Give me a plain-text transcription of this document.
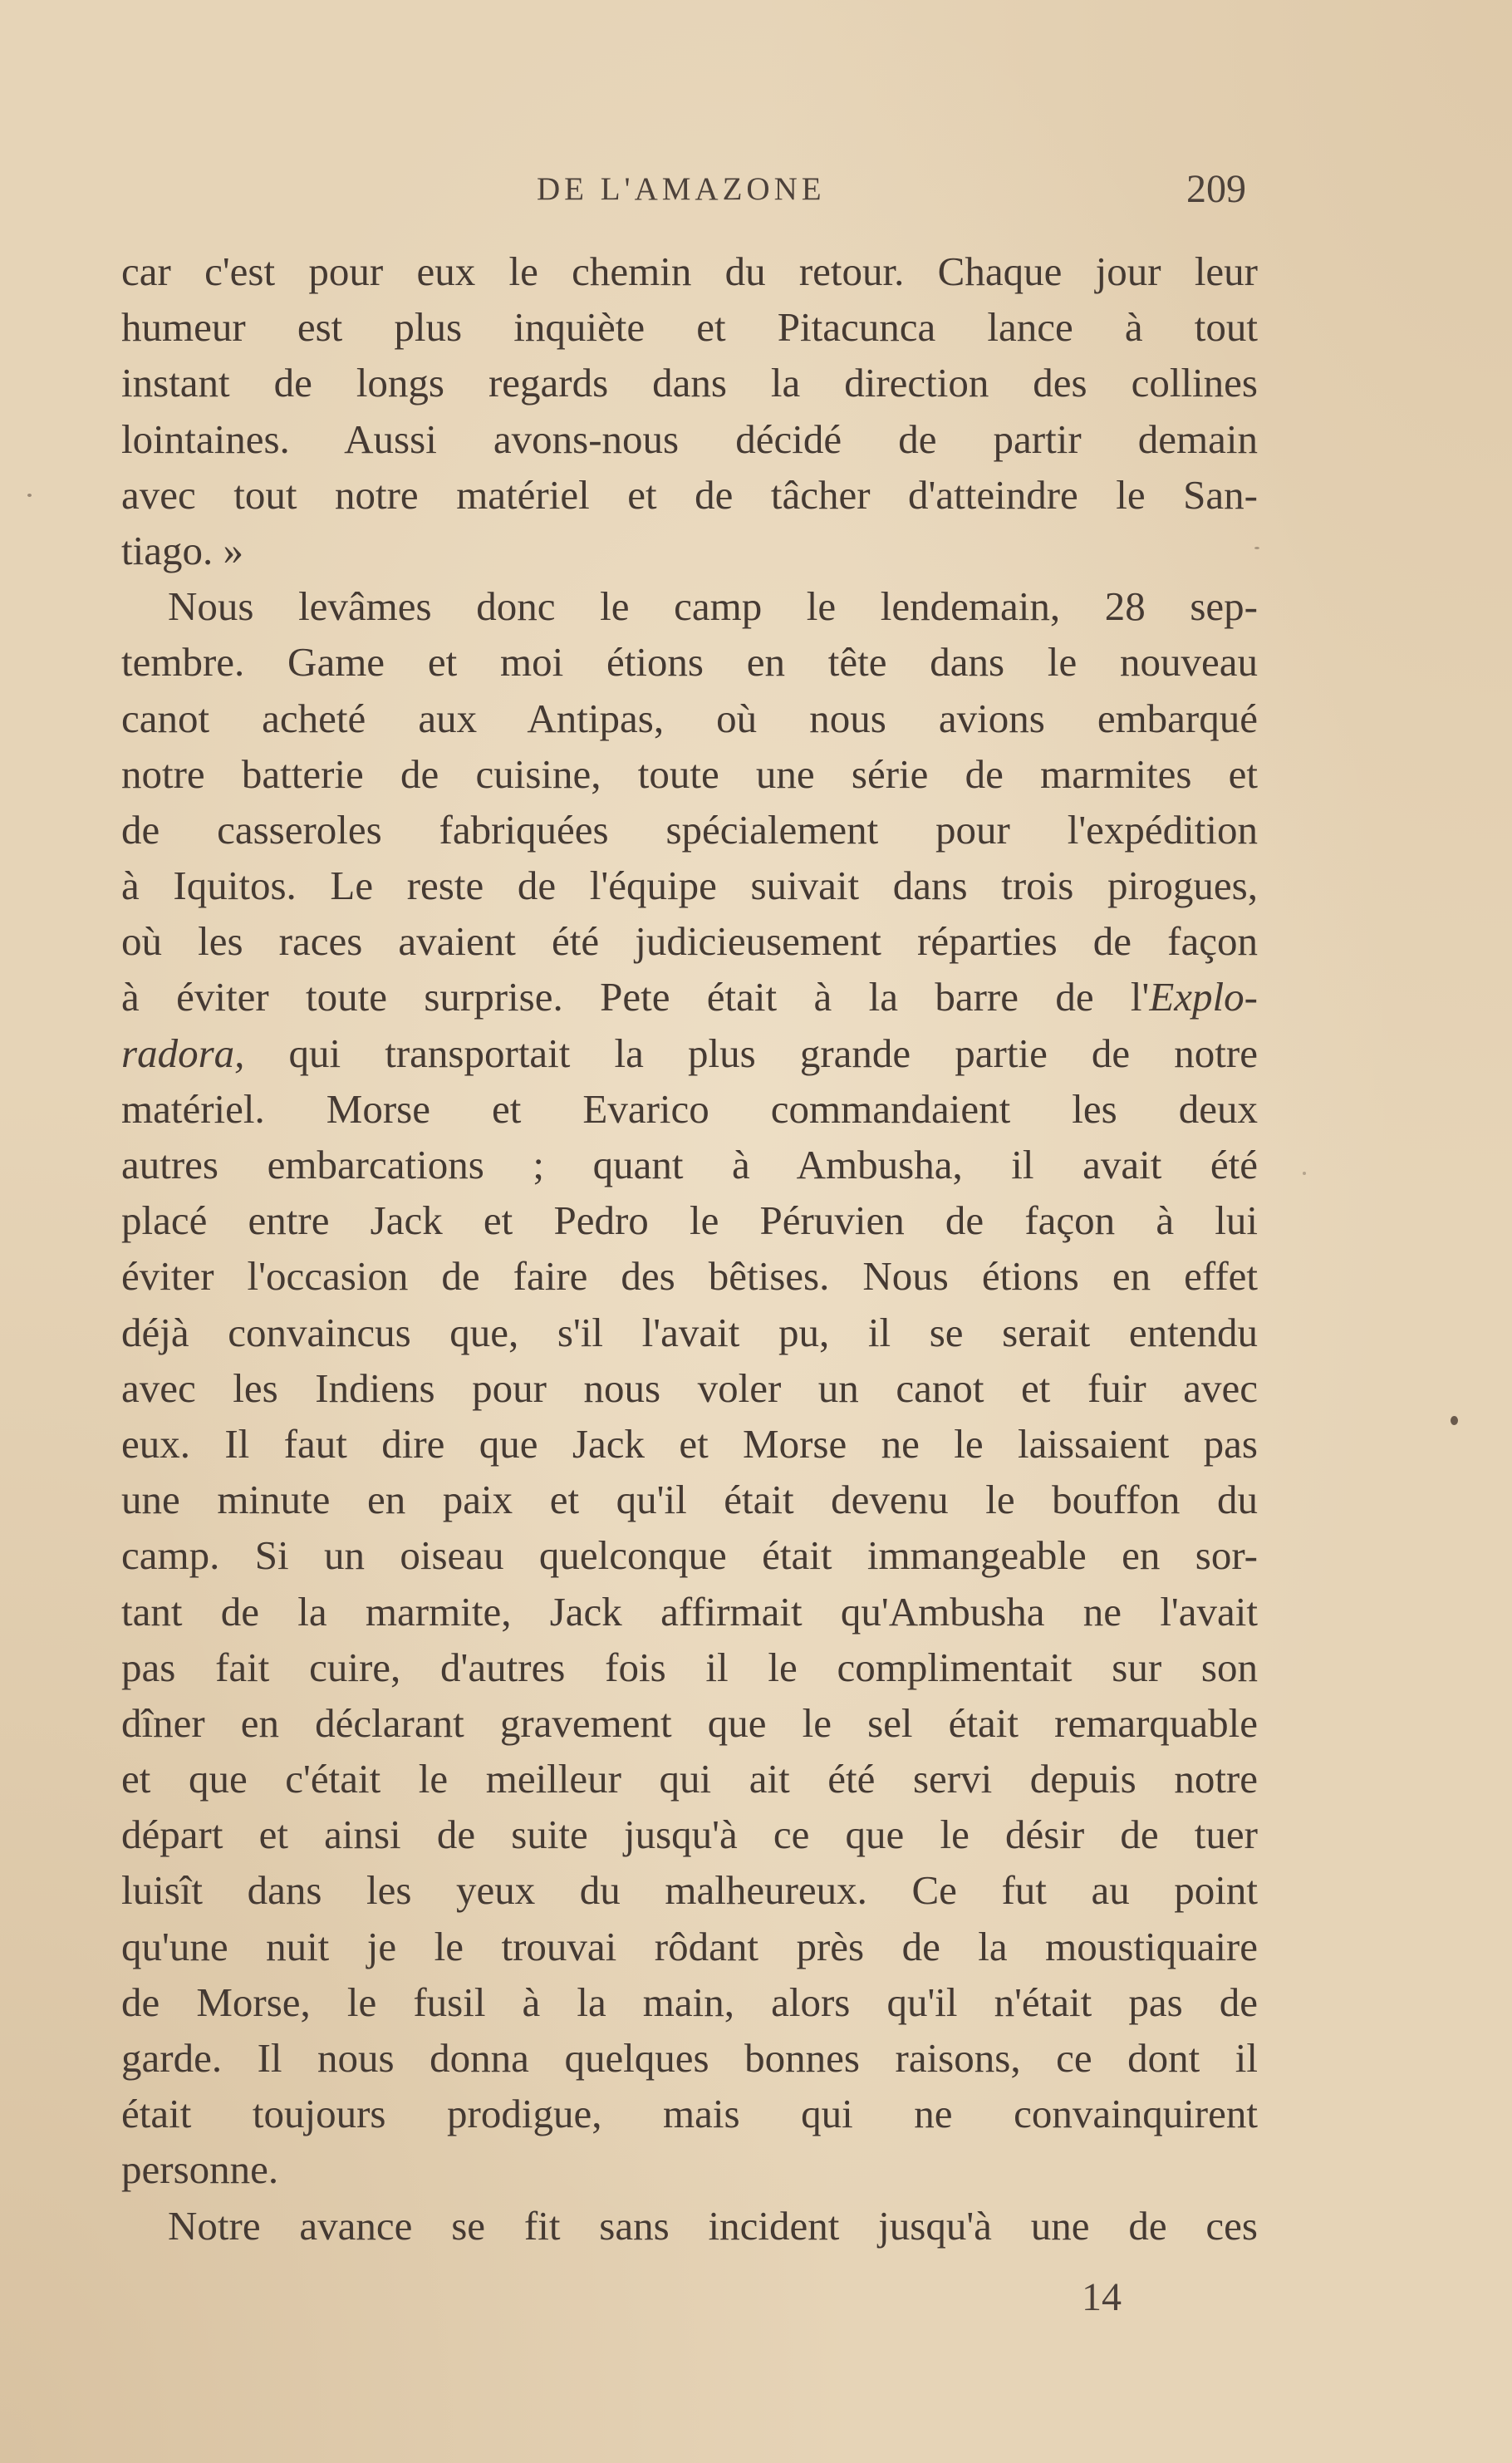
DE L'AMAZONE	209
car c'est pour eux le chemin du retour. Chaque jour leur
humeur est plus inquiète et Pitacunca lance à tout
instant de longs regards dans la direction des collines
lointaines. Aussi avons-nous décidé de partir demain
avec tout notre matériel et de tâcher d'atteindre le San-
tiago. »
Nous levâmes donc le camp le lendemain, 28 sep-
tembre. Game et moi étions en tête dans le nouveau
canot acheté aux Antipas, où nous avions embarqué
notre batterie de cuisine, toute une série de marmites et
de casseroles fabriquées spécialement pour l'expédition
à Iquitos. Le reste de l'équipe suivait dans trois pirogues,
où les races avaient été judicieusement réparties de façon
à éviter toute surprise. Pete était à la barre de l'Explo-
radora, qui transportait la plus grande partie de notre
matériel. Morse et Evarico commandaient les deux
autres embarcations ; quant à Ambusha, il avait été
placé entre Jack et Pedro le Péruvien de façon à lui
éviter l'occasion de faire des bêtises. Nous étions en effet
déjà convaincus que, s'il l'avait pu, il se serait entendu
avec les Indiens pour nous voler un canot et fuir avec
eux. Il faut dire que Jack et Morse ne le laissaient pas
une minute en paix et qu'il était devenu le bouffon du
camp. Si un oiseau quelconque était immangeable en sor-
tant de la marmite, Jack affirmait qu'Ambusha ne l'avait
pas fait cuire, d'autres fois il le complimentait sur son
dîner en déclarant gravement que le sel était remarquable
et que c'était le meilleur qui ait été servi depuis notre
départ et ainsi de suite jusqu'à ce que le désir de tuer
luisît dans les yeux du malheureux. Ce fut au point
qu'une nuit je le trouvai rôdant près de la moustiquaire
de Morse, le fusil à la main, alors qu'il n'était pas de
garde. Il nous donna quelques bonnes raisons, ce dont il
était toujours prodigue, mais qui ne convainquirent
personne.
Notre avance se fit sans incident jusqu'à une de ces
14
